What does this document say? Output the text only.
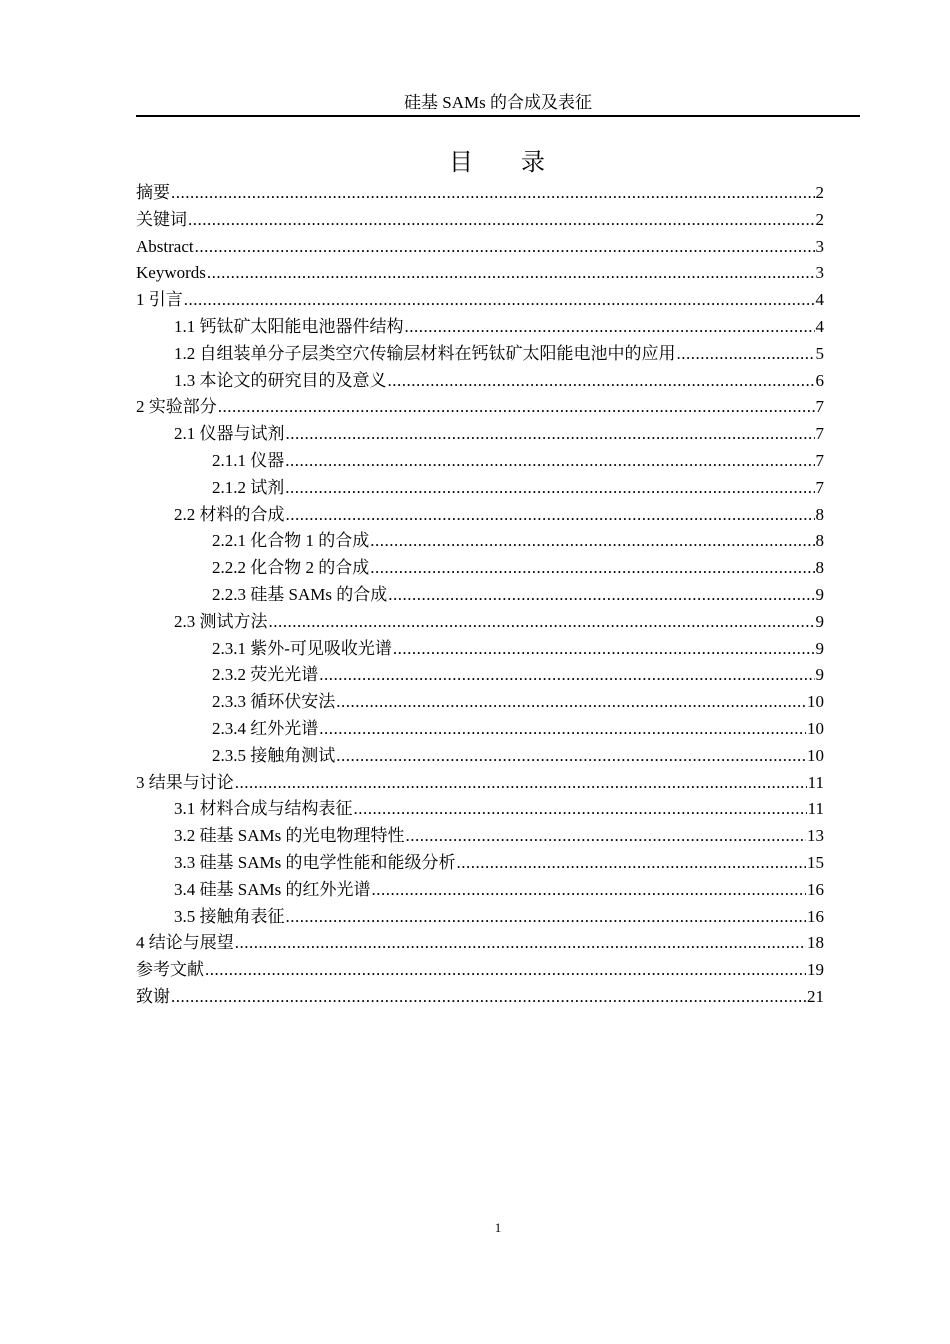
硅基 SAMs 的合成及表征
目 录
摘要 .....	2
关键词 .....	2
Abstract .....	3
Keywords .....	3
1 引言 .....	4
1.1 钙钛矿太阳能电池器件结构 .....	4
1.2 自组装单分子层类空穴传输层材料在钙钛矿太阳能电池中的应用 .....	5
1.3 本论文的研究目的及意义 .....	6
2 实验部分 .....	7
2.1 仪器与试剂 .....	7
2.1.1 仪器 .....	7
2.1.2 试剂 .....	7
2.2 材料的合成 .....	8
2.2.1 化合物 1 的合成 .....	8
2.2.2 化合物 2 的合成 .....	8
2.2.3 硅基 SAMs 的合成 .....	9
2.3 测试方法 .....	9
2.3.1 紫外-可见吸收光谱 .....	9
2.3.2 荧光光谱 .....	9
2.3.3 循环伏安法 .....	10
2.3.4 红外光谱 .....	10
2.3.5 接触角测试 .....	10
3 结果与讨论 .....	11
3.1 材料合成与结构表征 .....	11
3.2 硅基 SAMs 的光电物理特性 .....	13
3.3 硅基 SAMs 的电学性能和能级分析 .....	15
3.4 硅基 SAMs 的红外光谱 .....	16
3.5 接触角表征 .....	16
4 结论与展望 .....	18
参考文献 .....	19
致谢 .....	21
1
